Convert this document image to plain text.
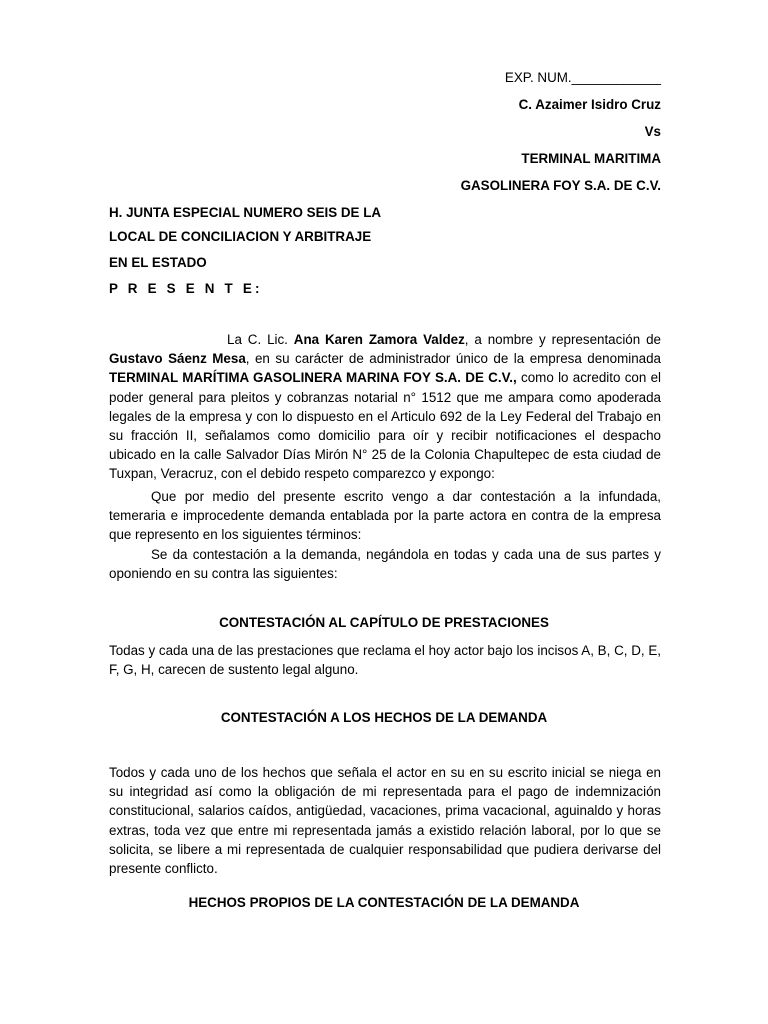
EXP. NUM.____________
C. Azaimer Isidro Cruz
Vs
TERMINAL MARITIMA
GASOLINERA FOY S.A. DE C.V.
H. JUNTA ESPECIAL NUMERO SEIS DE LA
LOCAL DE CONCILIACION Y ARBITRAJE
EN EL ESTADO
P R E S E N T E:

La C. Lic. Ana Karen Zamora Valdez, a nombre y representación de Gustavo Sáenz Mesa, en su carácter de administrador único de la empresa denominada TERMINAL MARÍTIMA GASOLINERA MARINA FOY S.A. DE C.V., como lo acredito con el poder general para pleitos y cobranzas notarial n° 1512 que me ampara como apoderada legales de la empresa y con lo dispuesto en el Articulo 692 de la Ley Federal del Trabajo en su fracción II, señalamos como domicilio para oír y recibir notificaciones el despacho ubicado en la calle Salvador Días Mirón N° 25 de la Colonia Chapultepec de esta ciudad de Tuxpan, Veracruz, con el debido respeto comparezco y expongo:

Que por medio del presente escrito vengo a dar contestación a la infundada, temeraria e improcedente demanda entablada por la parte actora en contra de la empresa que represento en los siguientes términos:

Se da contestación a la demanda, negándola en todas y cada una de sus partes y oponiendo en su contra las siguientes:

CONTESTACIÓN AL CAPÍTULO DE PRESTACIONES

Todas y cada una de las prestaciones que reclama el hoy actor bajo los incisos A, B, C, D, E, F, G, H, carecen de sustento legal alguno.

CONTESTACIÓN A LOS HECHOS DE LA DEMANDA

Todos y cada uno de los hechos que señala el actor en su en su escrito inicial se niega en su integridad así como la obligación de mi representada para el pago de indemnización constitucional, salarios caídos, antigüedad, vacaciones, prima vacacional, aguinaldo y horas extras, toda vez que entre mi representada jamás a existido relación laboral, por lo que se solicita, se libere a mi representada de cualquier responsabilidad que pudiera derivarse del presente conflicto.

HECHOS PROPIOS DE LA CONTESTACIÓN DE LA DEMANDA
